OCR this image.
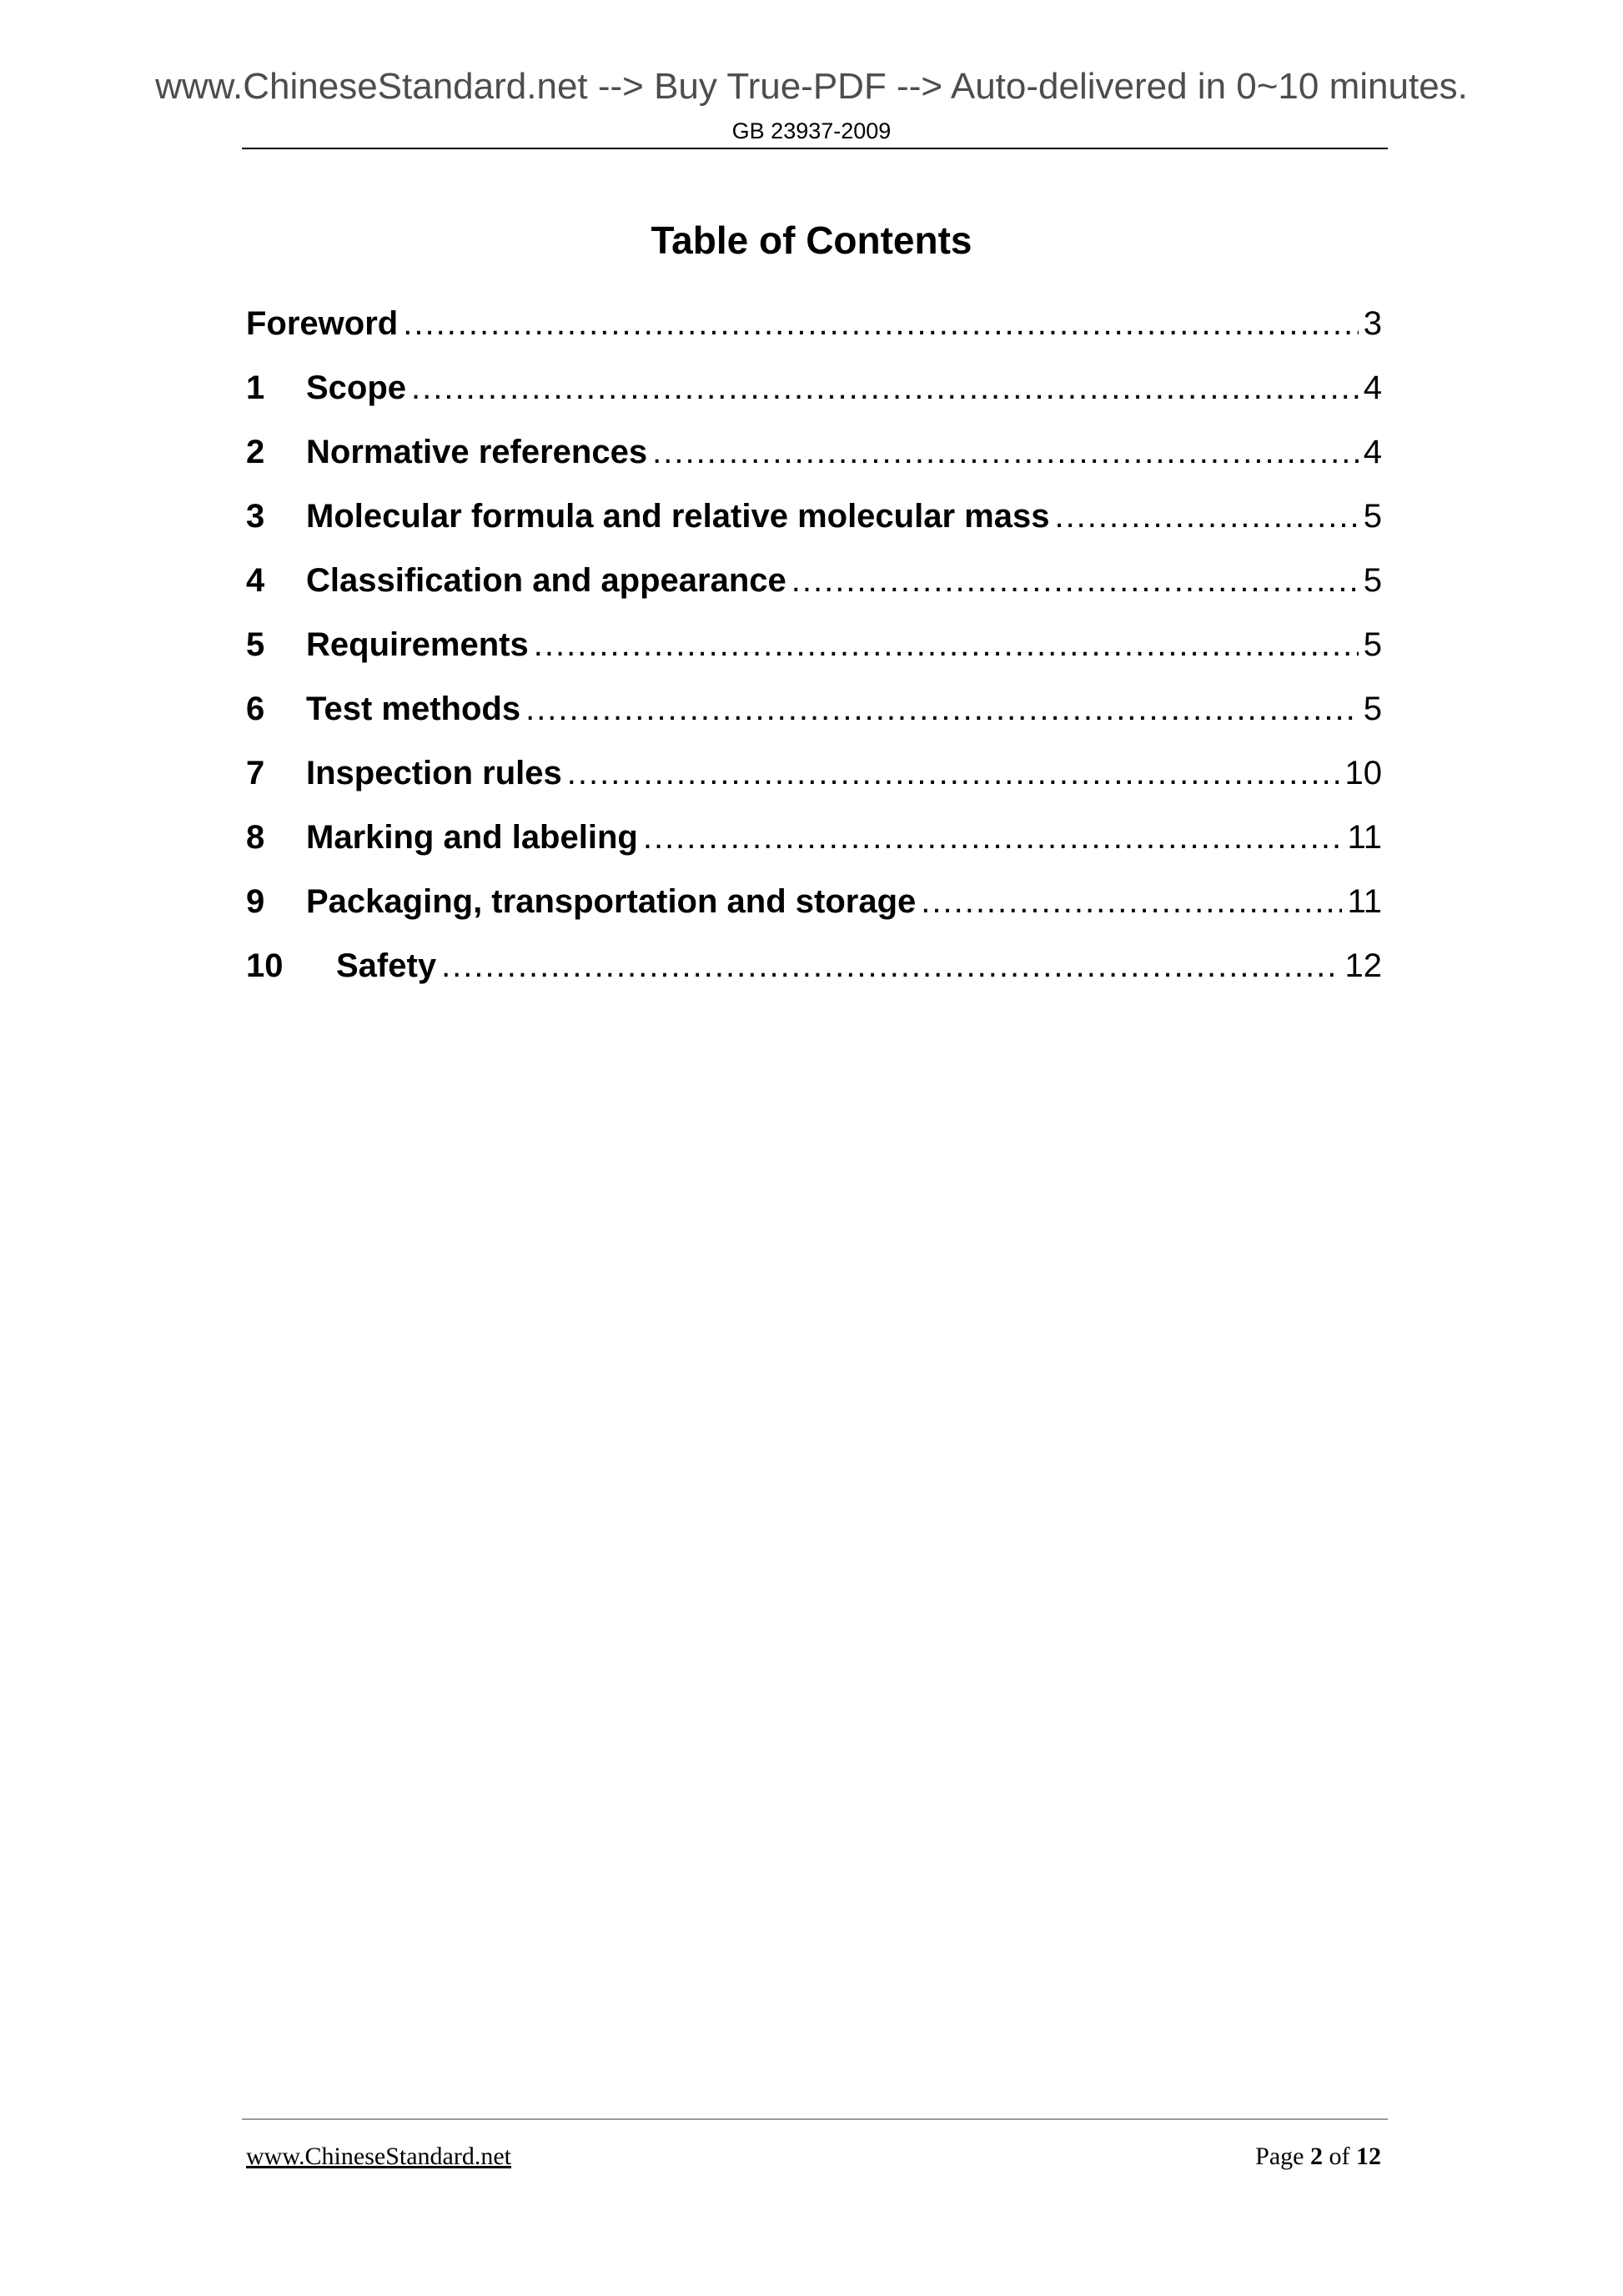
www.ChineseStandard.net --> Buy True-PDF --> Auto-delivered in 0~10 minutes.
GB 23937-2009
Table of Contents
Foreword .....	3
1	Scope .....	4
2	Normative references .....	4
3	Molecular formula and relative molecular mass .....	5
4	Classification and appearance .....	5
5	Requirements .....	5
6	Test methods .....	5
7	Inspection rules .....	10
8	Marking and labeling .....	11
9	Packaging, transportation and storage .....	11
10	Safety .....	12
www.ChineseStandard.net	Page 2 of 12
